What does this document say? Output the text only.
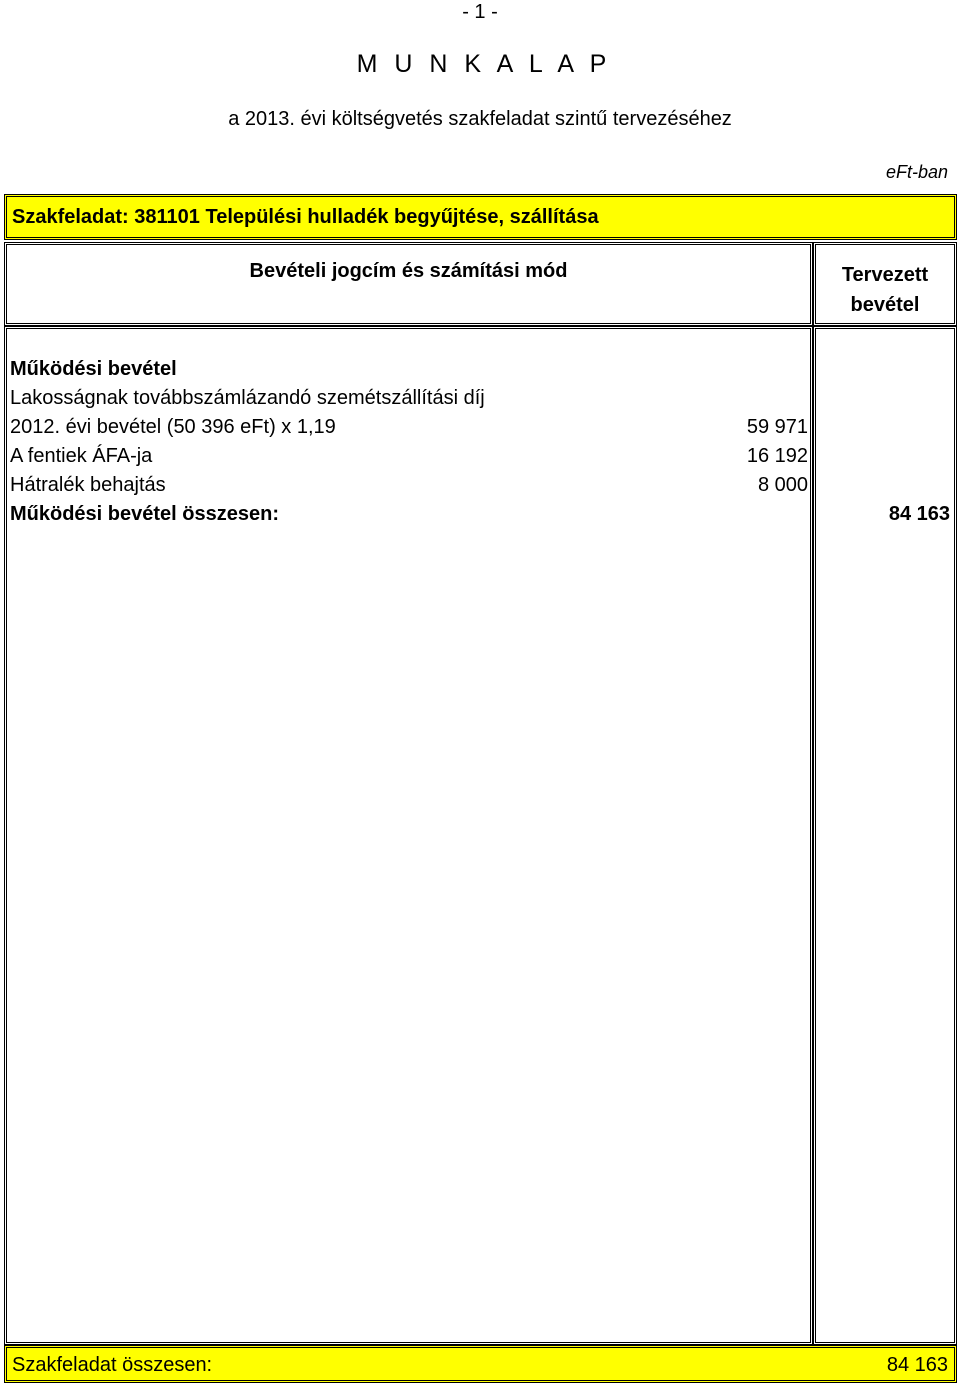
- 1 -
M U N K A L A P
a 2013. évi költségvetés szakfeladat szintű tervezéséhez
eFt-ban
Szakfeladat: 381101 Települési hulladék begyűjtése, szállítása
Bevételi jogcím és számítási mód	Tervezett
bevétel
Működési bevétel
Lakosságnak továbbszámlázandó szemétszállítási díj
2012. évi bevétel (50 396 eFt) x 1,19	59 971
A fentiek ÁFA-ja	16 192
Hátralék behajtás	8 000
Működési bevétel összesen:	84 163
Szakfeladat összesen:	84 163
